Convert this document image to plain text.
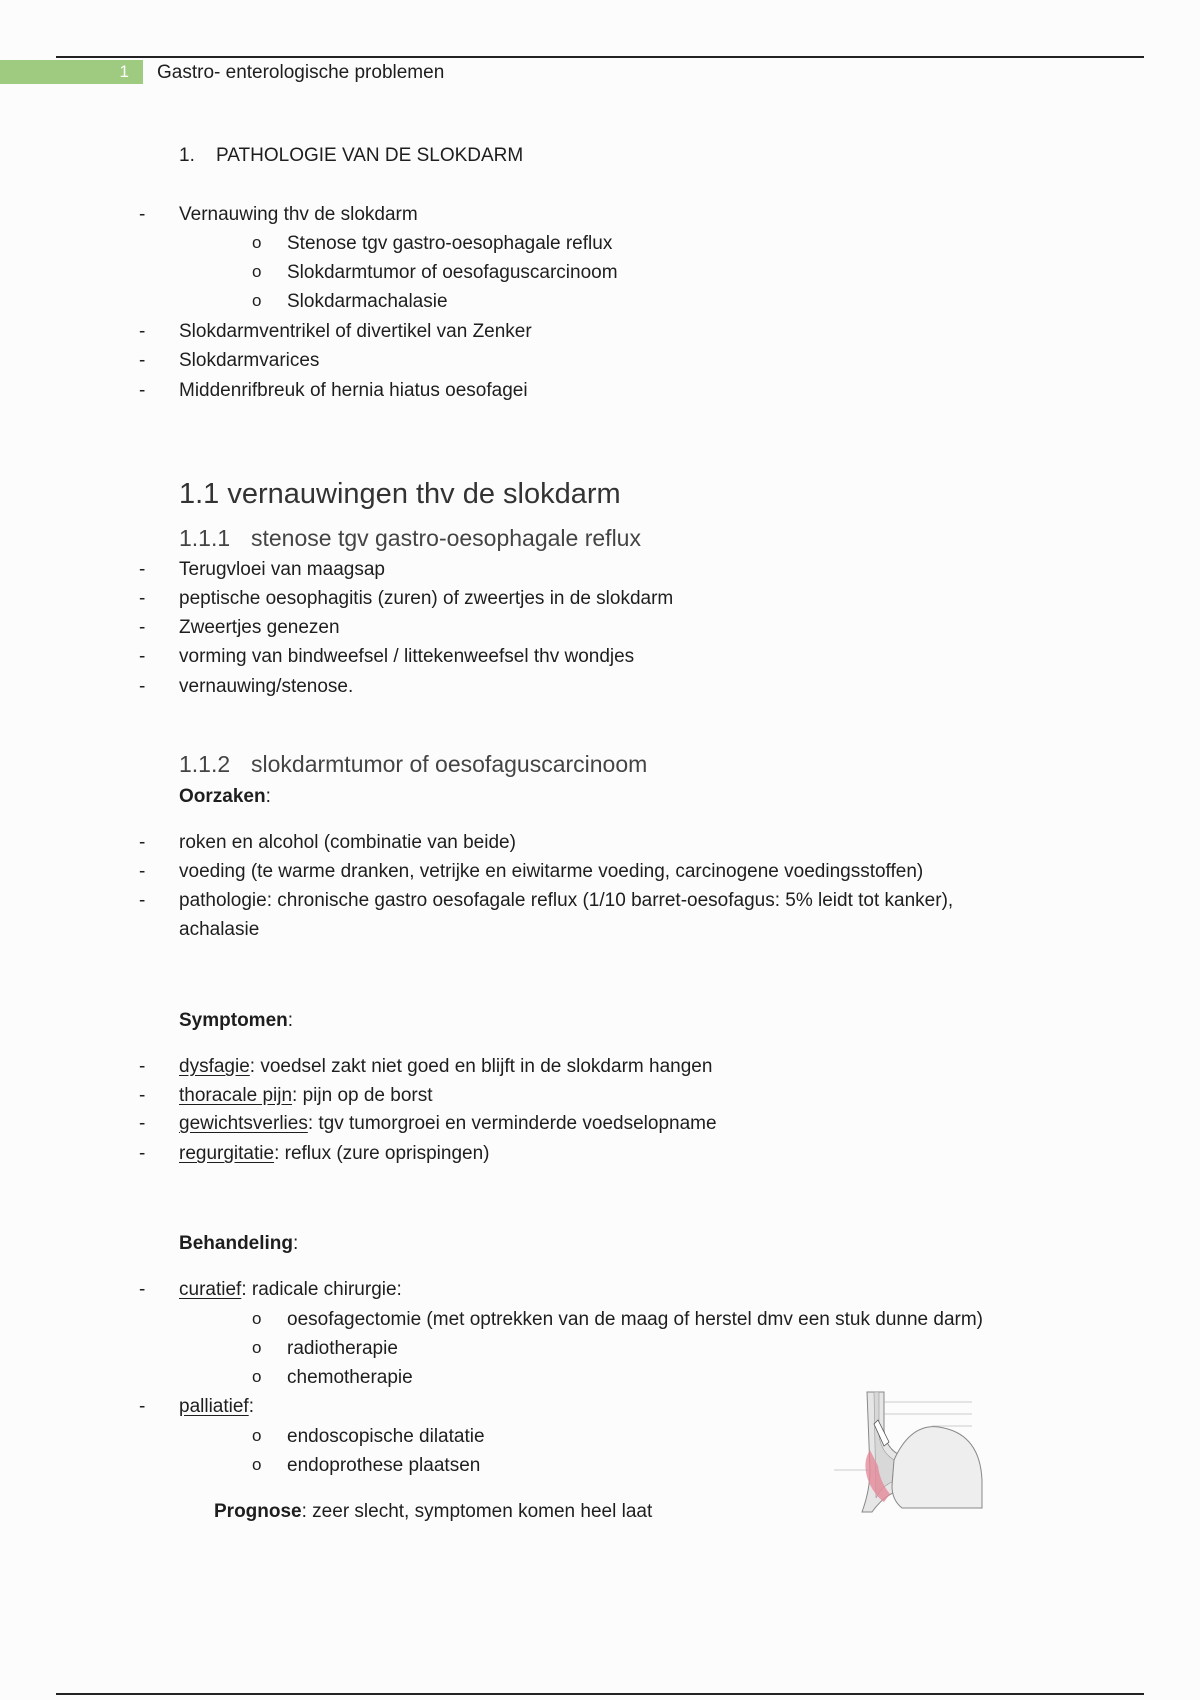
1	Gastro- enterologische problemen
1. PATHOLOGIE VAN DE SLOKDARM
- Vernauwing thv de slokdarm
o Stenose tgv gastro-oesophagale reflux
o Slokdarmtumor of oesofaguscarcinoom
o Slokdarmachalasie
- Slokdarmventrikel of divertikel van Zenker
- Slokdarmvarices
- Middenrifbreuk of hernia hiatus oesofagei
1.1 vernauwingen thv de slokdarm
1.1.1 stenose tgv gastro-oesophagale reflux
- Terugvloei van maagsap
- peptische oesophagitis (zuren) of zweertjes in de slokdarm
- Zweertjes genezen
- vorming van bindweefsel / littekenweefsel thv wondjes
- vernauwing/stenose.
1.1.2 slokdarmtumor of oesofaguscarcinoom
Oorzaken:
- roken en alcohol (combinatie van beide)
- voeding (te warme dranken, vetrijke en eiwitarme voeding, carcinogene voedingsstoffen)
- pathologie: chronische gastro oesofagale reflux (1/10 barret-oesofagus: 5% leidt tot kanker),
achalasie
Symptomen:
- dysfagie: voedsel zakt niet goed en blijft in de slokdarm hangen
- thoracale pijn: pijn op de borst
- gewichtsverlies: tgv tumorgroei en verminderde voedselopname
- regurgitatie: reflux (zure oprispingen)
Behandeling:
- curatief: radicale chirurgie:
o oesofagectomie (met optrekken van de maag of herstel dmv een stuk dunne darm)
o radiotherapie
o chemotherapie
- palliatief:
o endoscopische dilatatie
o endoprothese plaatsen
Prognose: zeer slecht, symptomen komen heel laat
